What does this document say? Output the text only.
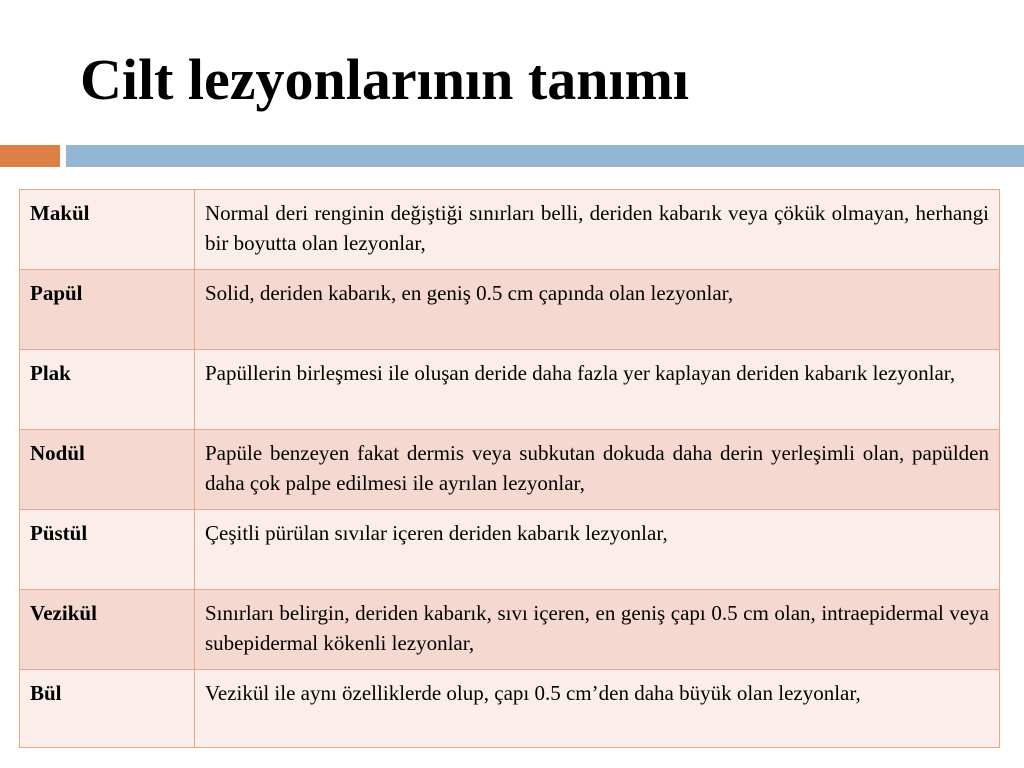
Cilt lezyonlarının tanımı
Makül	Normal deri renginin değiştiği sınırları belli, deriden kabarık veya çökük olmayan, herhangi bir boyutta olan lezyonlar,
Papül	Solid, deriden kabarık, en geniş 0.5 cm çapında olan lezyonlar,
Plak	Papüllerin birleşmesi ile oluşan deride daha fazla yer kaplayan deriden kabarık lezyonlar,
Nodül	Papüle benzeyen fakat dermis veya subkutan dokuda daha derin yerleşimli olan, papülden daha çok palpe edilmesi ile ayrılan lezyonlar,
Püstül	Çeşitli pürülan sıvılar içeren deriden kabarık lezyonlar,
Vezikül	Sınırları belirgin, deriden kabarık, sıvı içeren, en geniş çapı 0.5 cm olan, intraepidermal veya subepidermal kökenli lezyonlar,
Bül	Vezikül ile aynı özelliklerde olup, çapı 0.5 cm’den daha büyük olan lezyonlar,
